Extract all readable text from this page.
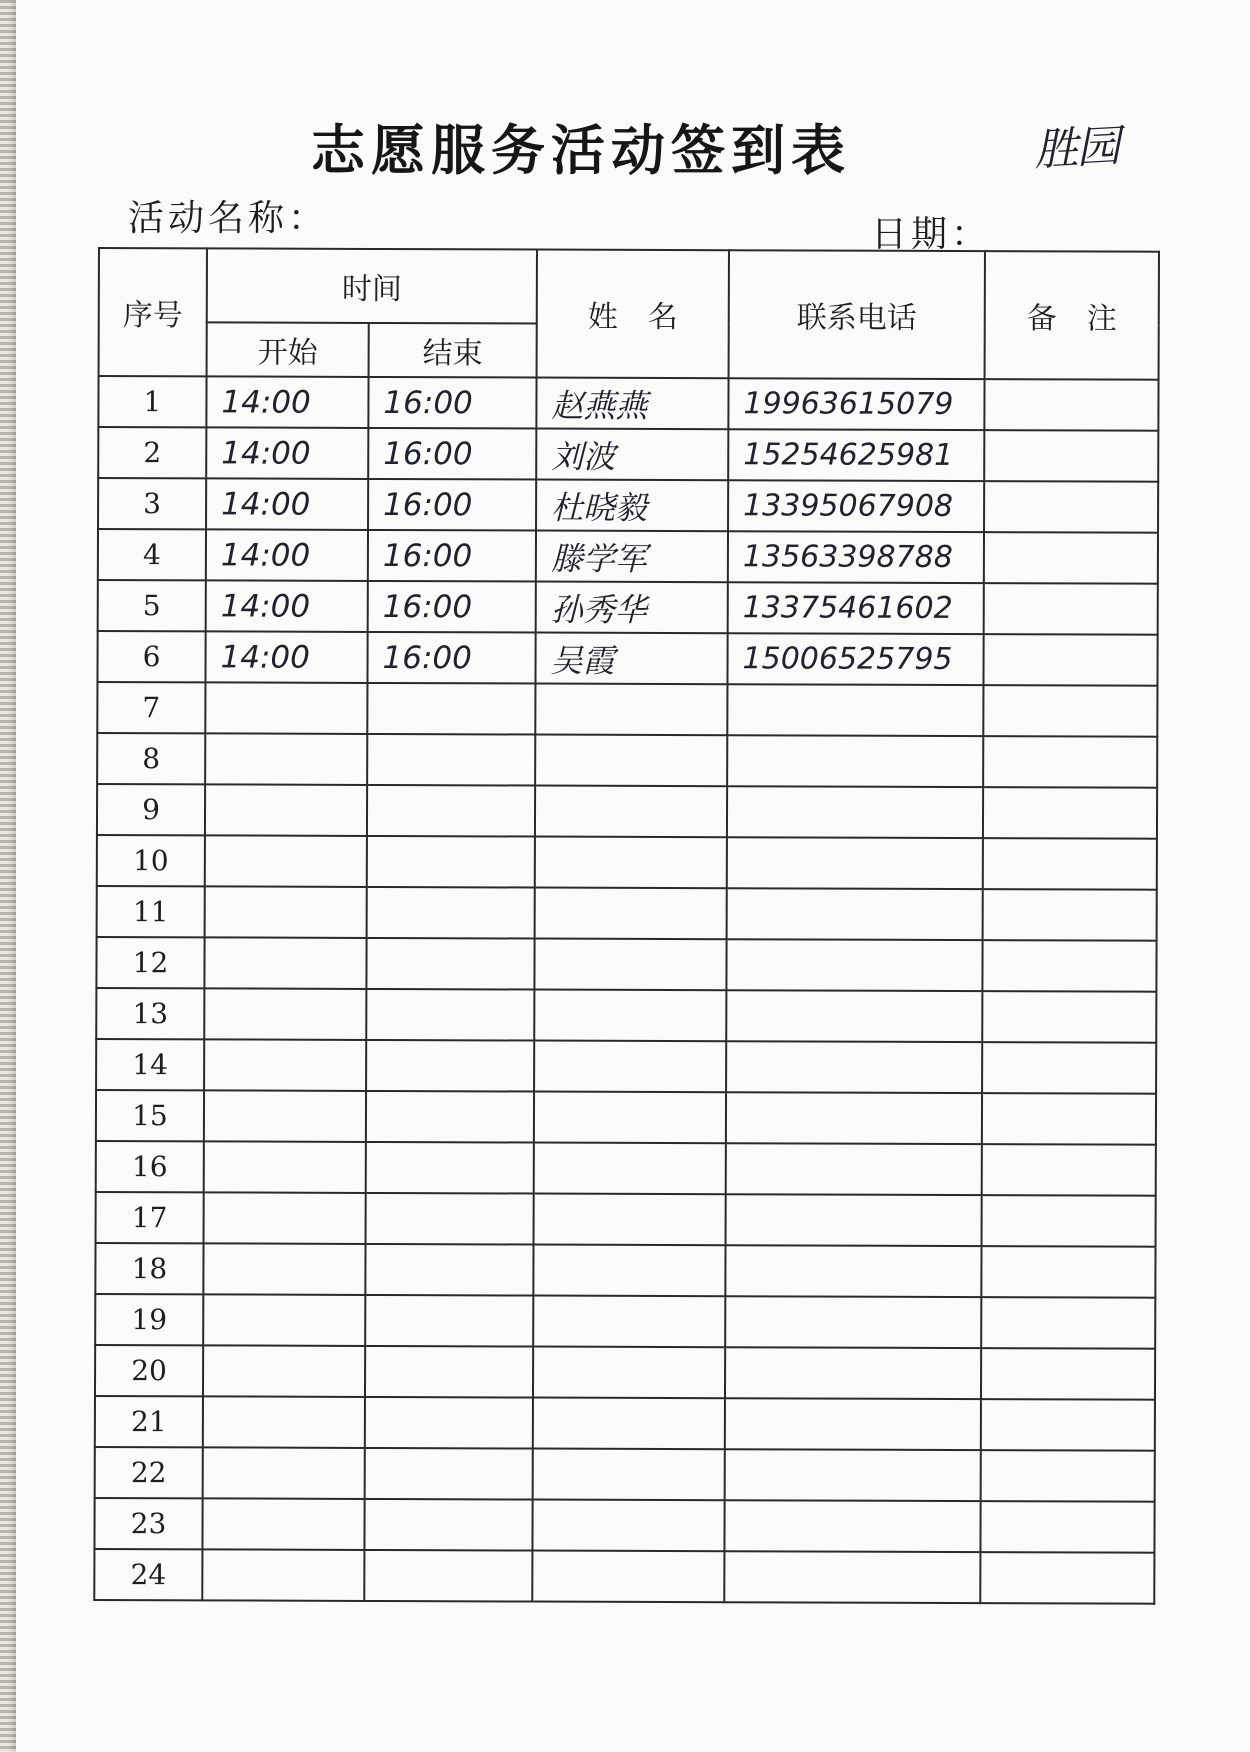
志愿服务活动签到表	胜园
活动名称：	日期：
序号	时间		姓　名	联系电话	备　注
	开始	结束			
1	14:00	16:00	赵燕燕	19963615079	
2	14:00	16:00	刘波	15254625981	
3	14:00	16:00	杜晓毅	13395067908	
4	14:00	16:00	滕学军	13563398788	
5	14:00	16:00	孙秀华	13375461602	
6	14:00	16:00	吴霞	15006525795	
7					
8					
9					
10					
11					
12					
13					
14					
15					
16					
17					
18					
19					
20					
21					
22					
23					
24					
